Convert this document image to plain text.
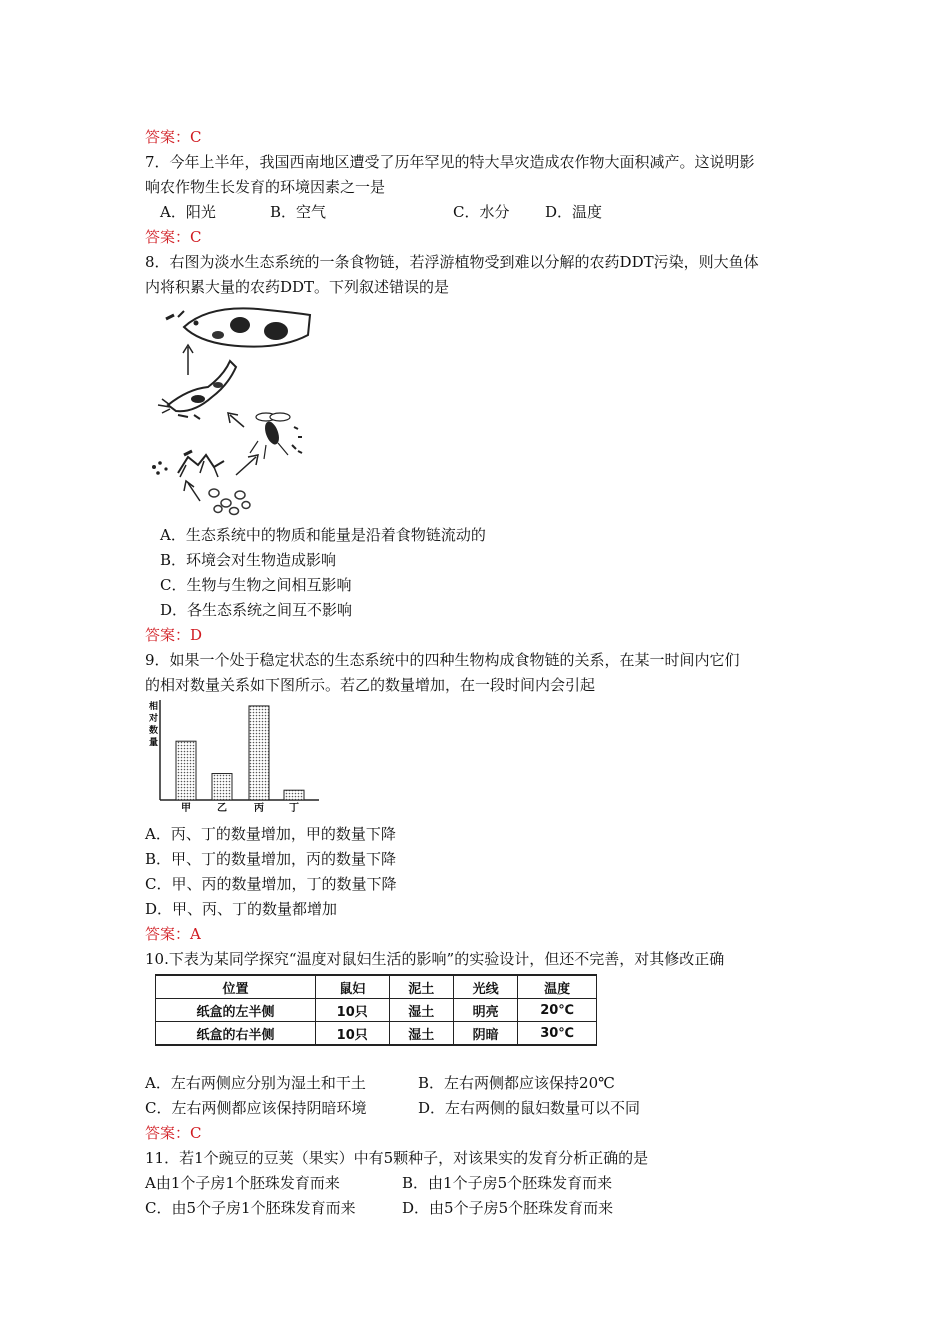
答案：C
7．今年上半年，我国西南地区遭受了历年罕见的特大旱灾造成农作物大面积减产。这说明影
响农作物生长发育的环境因素之一是
A．阳光	B．空气	C．水分 D．温度
答案：C
8．右图为淡水生态系统的一条食物链，若浮游植物受到难以分解的农药DDT污染，则大鱼体
内将积累大量的农药DDT。下列叙述错误的是
A．生态系统中的物质和能量是沿着食物链流动的
B．环境会对生物造成影响
C．生物与生物之间相互影响
D．各生态系统之间互不影响
答案：D
9．如果一个处于稳定状态的生态系统中的四种生物构成食物链的关系，在某一时间内它们
的相对数量关系如下图所示。若乙的数量增加，在一段时间内会引起
相
对
数
量
甲	乙	丙	丁
A．丙、丁的数量增加，甲的数量下降
B．甲、丁的数量增加，丙的数量下降
C．甲、丙的数量增加，丁的数量下降
D．甲、丙、丁的数量都增加
答案：A
10.下表为某同学探究“温度对鼠妇生活的影响”的实验设计，但还不完善，对其修改正确
位置	鼠妇	泥土	光线	温度
纸盒的左半侧	10只	湿土	明亮	20℃
纸盒的右半侧	10只	湿土	阴暗	30℃
A．左右两侧应分别为湿土和干土	B．左右两侧都应该保持20℃
C．左右两侧都应该保持阴暗环境	D．左右两侧的鼠妇数量可以不同
答案：C
11．若1个豌豆的豆荚（果实）中有5颗种子，对该果实的发育分析正确的是
A由1个子房1个胚珠发育而来	B．由1个子房5个胚珠发育而来
C．由5个子房1个胚珠发育而来	D．由5个子房5个胚珠发育而来
